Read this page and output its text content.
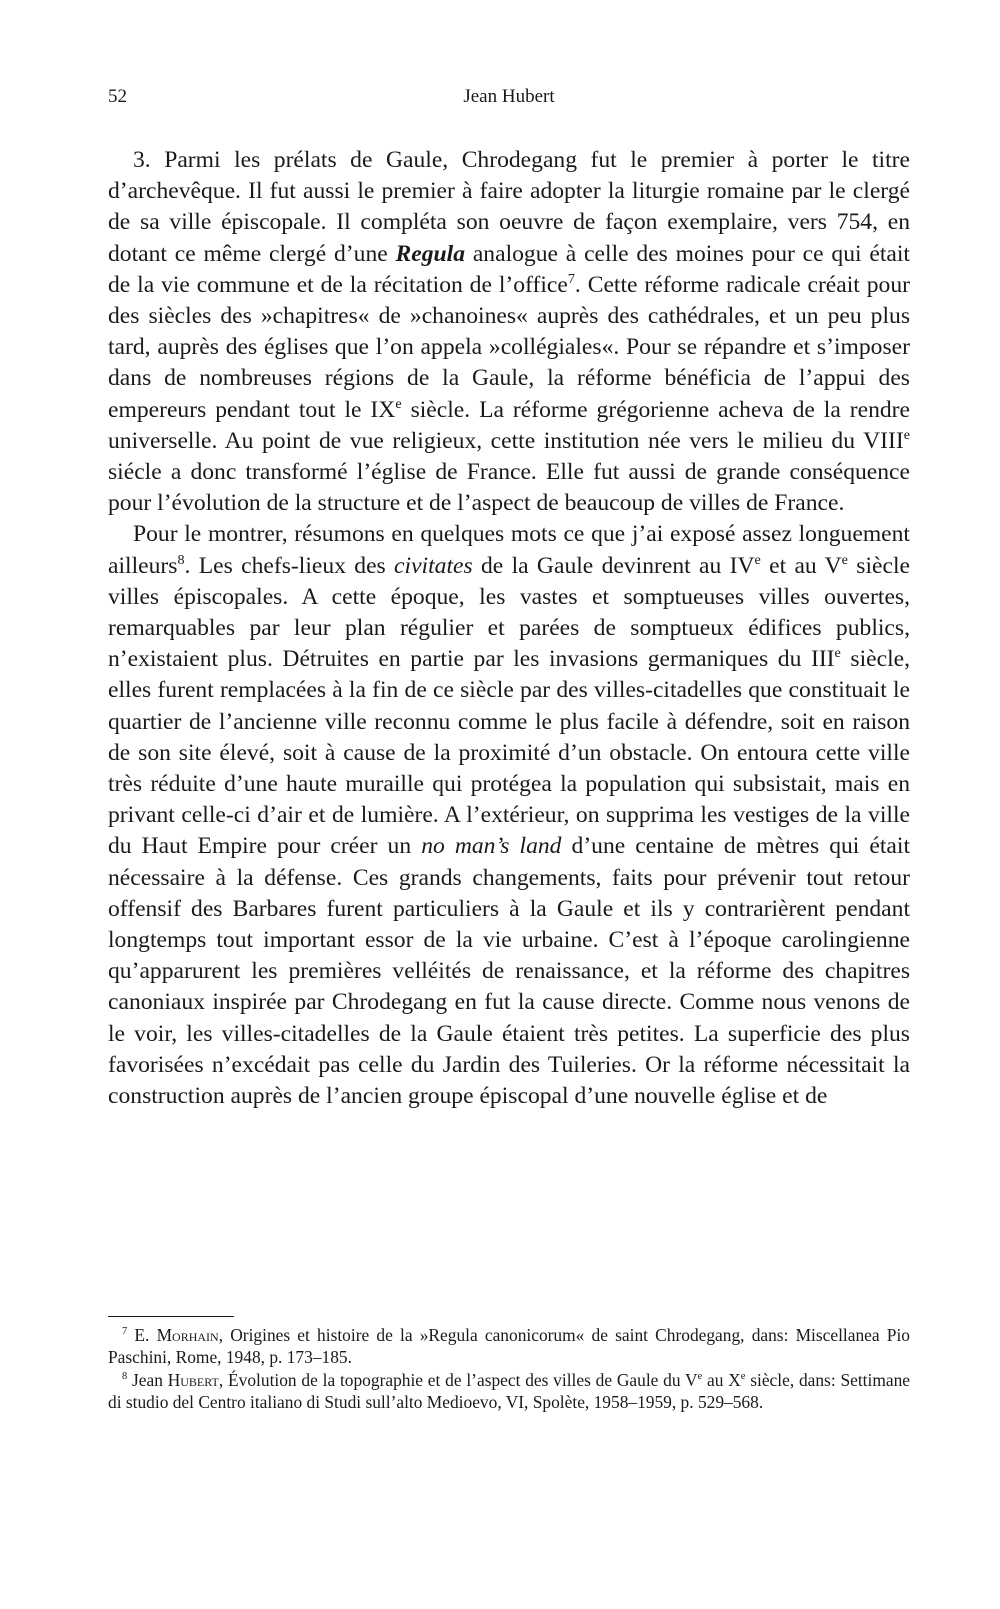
52	Jean Hubert

3. Parmi les prélats de Gaule, Chrodegang fut le premier à porter le titre d’archevêque. Il fut aussi le premier à faire adopter la liturgie romaine par le clergé de sa ville épiscopale. Il compléta son oeuvre de façon exemplaire, vers 754, en dotant ce même clergé d’une Regula analogue à celle des moines pour ce qui était de la vie commune et de la récitation de l’office$^7$. Cette réforme radicale créait pour des siècles des »chapitres« de »chanoines« auprès des cathédrales, et un peu plus tard, auprès des églises que l’on appela »collégiales«. Pour se répandre et s’imposer dans de nombreuses régions de la Gaule, la réforme bénéficia de l’appui des empereurs pendant tout le IXe siècle. La réforme grégorienne acheva de la rendre universelle. Au point de vue religieux, cette institution née vers le milieu du VIIIe siécle a donc transformé l’église de France. Elle fut aussi de grande conséquence pour l’évolution de la structure et de l’aspect de beaucoup de villes de France.

Pour le montrer, résumons en quelques mots ce que j’ai exposé assez longuement ailleurs$^8$. Les chefs-lieux des civitates de la Gaule devinrent au IVe et au Ve siècle villes épiscopales. A cette époque, les vastes et somptueuses villes ouvertes, remarquables par leur plan régulier et parées de somptueux édifices publics, n’existaient plus. Détruites en partie par les invasions germaniques du IIIe siècle, elles furent remplacées à la fin de ce siècle par des villes-citadelles que constituait le quartier de l’ancienne ville reconnu comme le plus facile à défendre, soit en raison de son site élevé, soit à cause de la proximité d’un obstacle. On entoura cette ville très réduite d’une haute muraille qui protégea la population qui subsistait, mais en privant celle-ci d’air et de lumière. A l’extérieur, on supprima les vestiges de la ville du Haut Empire pour créer un no man’s land d’une centaine de mètres qui était nécessaire à la défense. Ces grands changements, faits pour prévenir tout retour offensif des Barbares furent particuliers à la Gaule et ils y contrarièrent pendant longtemps tout important essor de la vie urbaine. C’est à l’époque carolingienne qu’apparurent les premières velléités de renaissance, et la réforme des chapitres canoniaux inspirée par Chrodegang en fut la cause directe. Comme nous venons de le voir, les villes-citadelles de la Gaule étaient très petites. La superficie des plus favorisées n’excédait pas celle du Jardin des Tuileries. Or la réforme nécessitait la construction auprès de l’ancien groupe épiscopal d’une nouvelle église et de

$^7$ E. Morhain, Origines et histoire de la »Regula canonicorum« de saint Chrodegang, dans: Miscellanea Pio Paschini, Rome, 1948, p. 173–185.

$^8$ Jean Hubert, Évolution de la topographie et de l’aspect des villes de Gaule du Ve au Xe siècle, dans: Settimane di studio del Centro italiano di Studi sull’alto Medioevo, VI, Spolète, 1958–1959, p. 529–568.
